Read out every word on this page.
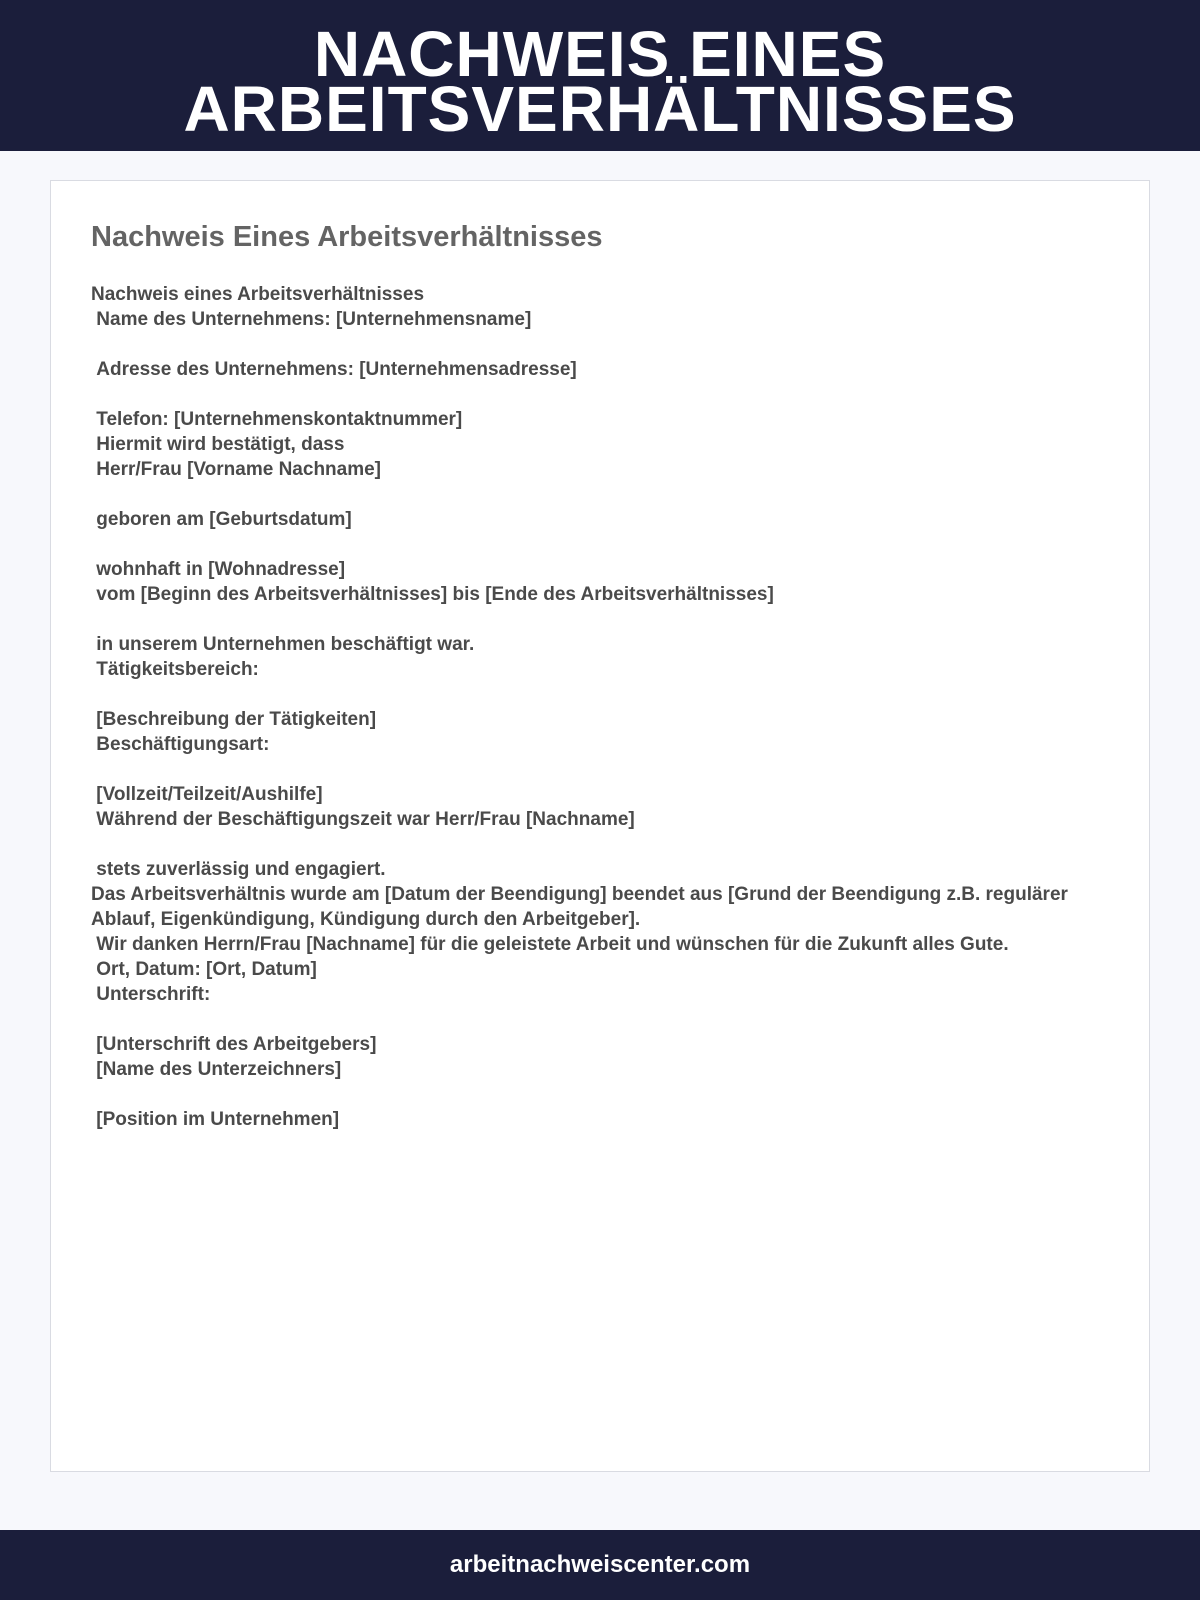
NACHWEIS EINES ARBEITSVERHÄLTNISSES
Nachweis Eines Arbeitsverhältnisses
Nachweis eines Arbeitsverhältnisses
Name des Unternehmens: [Unternehmensname]

Adresse des Unternehmens: [Unternehmensadresse]

Telefon: [Unternehmenskontaktnummer]
Hiermit wird bestätigt, dass
Herr/Frau [Vorname Nachname]

geboren am [Geburtsdatum]

wohnhaft in [Wohnadresse]
vom [Beginn des Arbeitsverhältnisses] bis [Ende des Arbeitsverhältnisses]

in unserem Unternehmen beschäftigt war.
Tätigkeitsbereich:

[Beschreibung der Tätigkeiten]
Beschäftigungsart:

[Vollzeit/Teilzeit/Aushilfe]
Während der Beschäftigungszeit war Herr/Frau [Nachname]

stets zuverlässig und engagiert.
Das Arbeitsverhältnis wurde am [Datum der Beendigung] beendet aus [Grund der Beendigung z.B. regulärer Ablauf, Eigenkündigung, Kündigung durch den Arbeitgeber].
Wir danken Herrn/Frau [Nachname] für die geleistete Arbeit und wünschen für die Zukunft alles Gute.
Ort, Datum: [Ort, Datum]
Unterschrift:

[Unterschrift des Arbeitgebers]
[Name des Unterzeichners]

[Position im Unternehmen]
arbeitnachweiscenter.com
